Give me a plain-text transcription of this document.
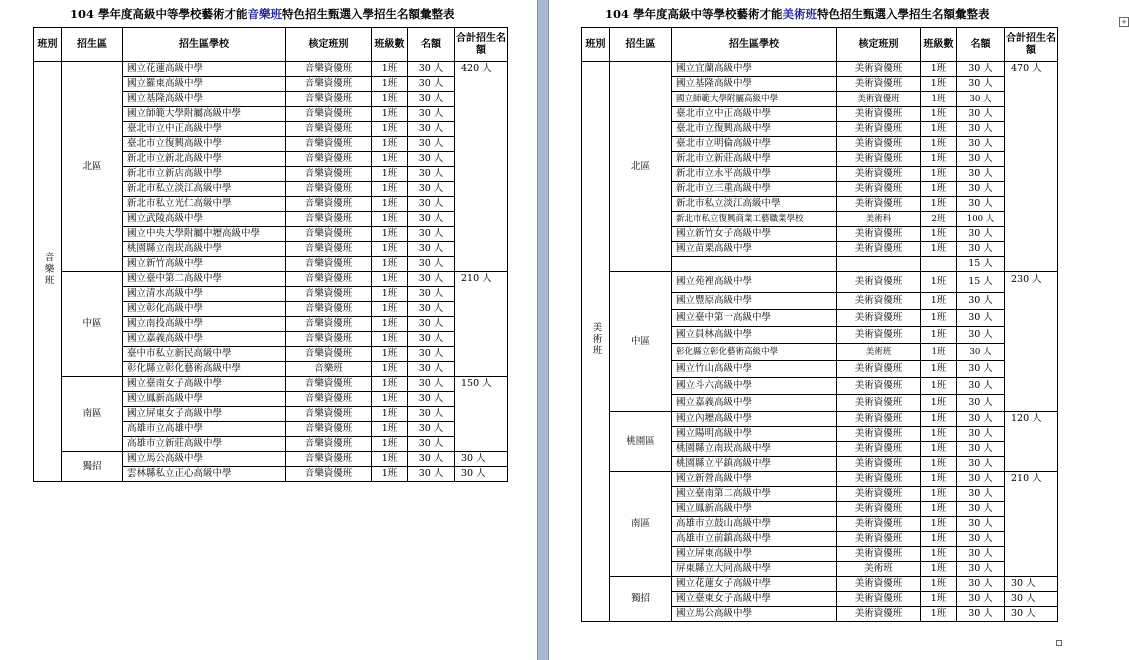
104 學年度高級中等學校藝術才能音樂班特色招生甄選入學招生名額彙整表
班別	招生區	招生區學校	核定班別	班級數	名額	合計招生名額
音樂班	北區	國立花蓮高級中學	音樂資優班	1班	30 人	420 人
		國立羅東高級中學	音樂資優班	1班	30 人	
		國立基隆高級中學	音樂資優班	1班	30 人	
		國立師範大學附屬高級中學	音樂資優班	1班	30 人	
		臺北市立中正高級中學	音樂資優班	1班	30 人	
		臺北市立復興高級中學	音樂資優班	1班	30 人	
		新北市立新北高級中學	音樂資優班	1班	30 人	
		新北市立新店高級中學	音樂資優班	1班	30 人	
		新北市私立淡江高級中學	音樂資優班	1班	30 人	
		新北市私立光仁高級中學	音樂資優班	1班	30 人	
		國立武陵高級中學	音樂資優班	1班	30 人	
		國立中央大學附屬中壢高級中學	音樂資優班	1班	30 人	
		桃園縣立南崁高級中學	音樂資優班	1班	30 人	
		國立新竹高級中學	音樂資優班	1班	30 人	
	中區	國立臺中第二高級中學	音樂資優班	1班	30 人	210 人
		國立清水高級中學	音樂資優班	1班	30 人	
		國立彰化高級中學	音樂資優班	1班	30 人	
		國立南投高級中學	音樂資優班	1班	30 人	
		國立嘉義高級中學	音樂資優班	1班	30 人	
		臺中市私立新民高級中學	音樂資優班	1班	30 人	
		彰化縣立彰化藝術高級中學	音樂班	1班	30 人	
	南區	國立臺南女子高級中學	音樂資優班	1班	30 人	150 人
		國立鳳新高級中學	音樂資優班	1班	30 人	
		國立屏東女子高級中學	音樂資優班	1班	30 人	
		高雄市立高雄中學	音樂資優班	1班	30 人	
		高雄市立新莊高級中學	音樂資優班	1班	30 人	
	獨招	國立馬公高級中學	音樂資優班	1班	30 人	30 人
		雲林縣私立正心高級中學	音樂資優班	1班	30 人	30 人
+
104 學年度高級中等學校藝術才能美術班特色招生甄選入學招生名額彙整表
班別	招生區	招生區學校	核定班別	班級數	名額	合計招生名額
美術班	北區	國立宜蘭高級中學	美術資優班	1班	30 人	470 人
		國立基隆高級中學	美術資優班	1班	30 人	
		國立師範大學附屬高級中學	美術資優班	1班	30 人	
		臺北市立中正高級中學	美術資優班	1班	30 人	
		臺北市立復興高級中學	美術資優班	1班	30 人	
		臺北市立明倫高級中學	美術資優班	1班	30 人	
		新北市立新莊高級中學	美術資優班	1班	30 人	
		新北市立永平高級中學	美術資優班	1班	30 人	
		新北市立三重高級中學	美術資優班	1班	30 人	
		新北市私立淡江高級中學	美術資優班	1班	30 人	
		新北市私立復興商業工藝職業學校	美術科	2班	100 人	
		國立新竹女子高級中學	美術資優班	1班	30 人	
		國立苗栗高級中學	美術資優班	1班	30 人	
					15 人	
	中區	國立苑裡高級中學	美術資優班	1班	15 人	230 人
		國立豐原高級中學	美術資優班	1班	30 人	
		國立臺中第一高級中學	美術資優班	1班	30 人	
		國立員林高級中學	美術資優班	1班	30 人	
		彰化縣立彰化藝術高級中學	美術班	1班	30 人	
		國立竹山高級中學	美術資優班	1班	30 人	
		國立斗六高級中學	美術資優班	1班	30 人	
		國立嘉義高級中學	美術資優班	1班	30 人	
	桃園區	國立內壢高級中學	美術資優班	1班	30 人	120 人
		國立陽明高級中學	美術資優班	1班	30 人	
		桃園縣立南崁高級中學	美術資優班	1班	30 人	
		桃園縣立平鎮高級中學	美術資優班	1班	30 人	
	南區	國立新營高級中學	美術資優班	1班	30 人	210 人
		國立臺南第二高級中學	美術資優班	1班	30 人	
		國立鳳新高級中學	美術資優班	1班	30 人	
		高雄市立鼓山高級中學	美術資優班	1班	30 人	
		高雄市立前鎮高級中學	美術資優班	1班	30 人	
		國立屏東高級中學	美術資優班	1班	30 人	
		屏東縣立大同高級中學	美術班	1班	30 人	
	獨招	國立花蓮女子高級中學	美術資優班	1班	30 人	30 人
		國立臺東女子高級中學	美術資優班	1班	30 人	30 人
		國立馬公高級中學	美術資優班	1班	30 人	30 人
